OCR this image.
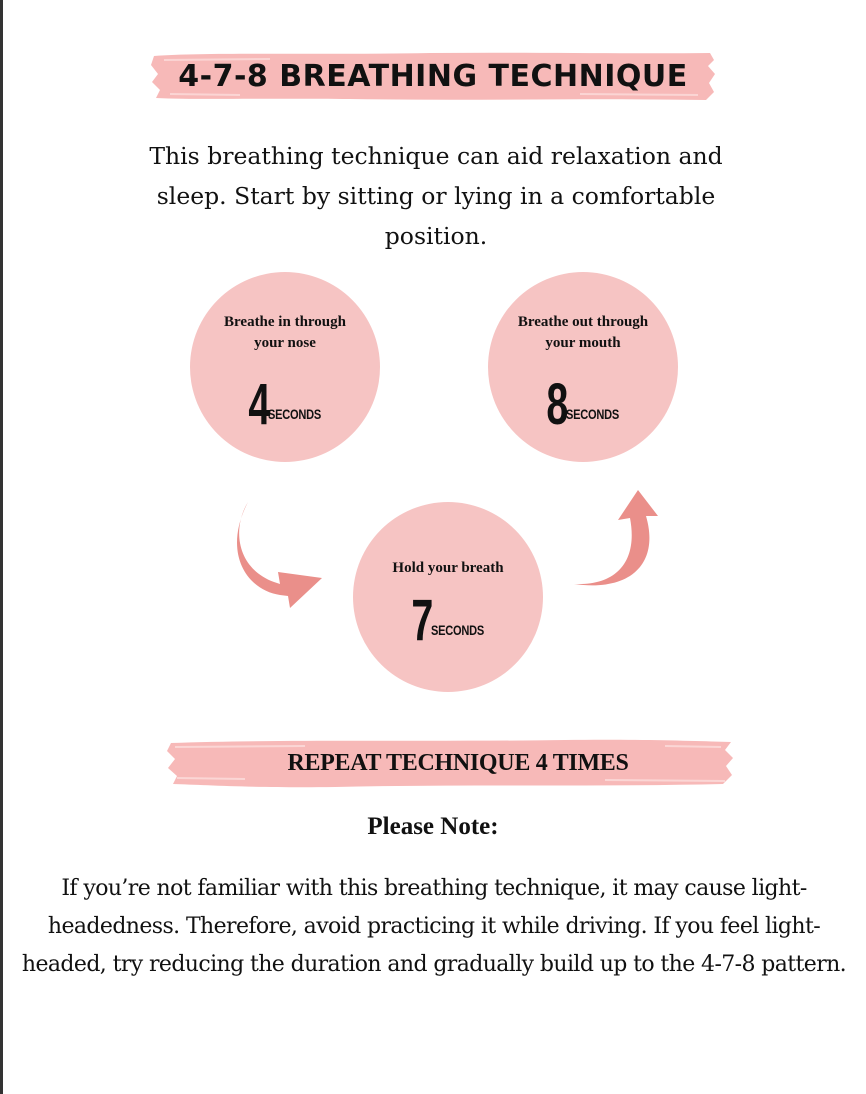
4-7-8 BREATHING TECHNIQUE

This breathing technique can aid relaxation and sleep. Start by sitting or lying in a comfortable position.

Breathe in through
your nose
4
SECONDS
Breathe out through
your mouth
8
SECONDS
Hold your breath
7
SECONDS
REPEAT TECHNIQUE 4 TIMES
Please Note:

If you’re not familiar with this breathing technique, it may cause light-headedness. Therefore, avoid practicing it while driving. If you feel light-headed, try reducing the duration and gradually build up to the 4-7-8 pattern.
